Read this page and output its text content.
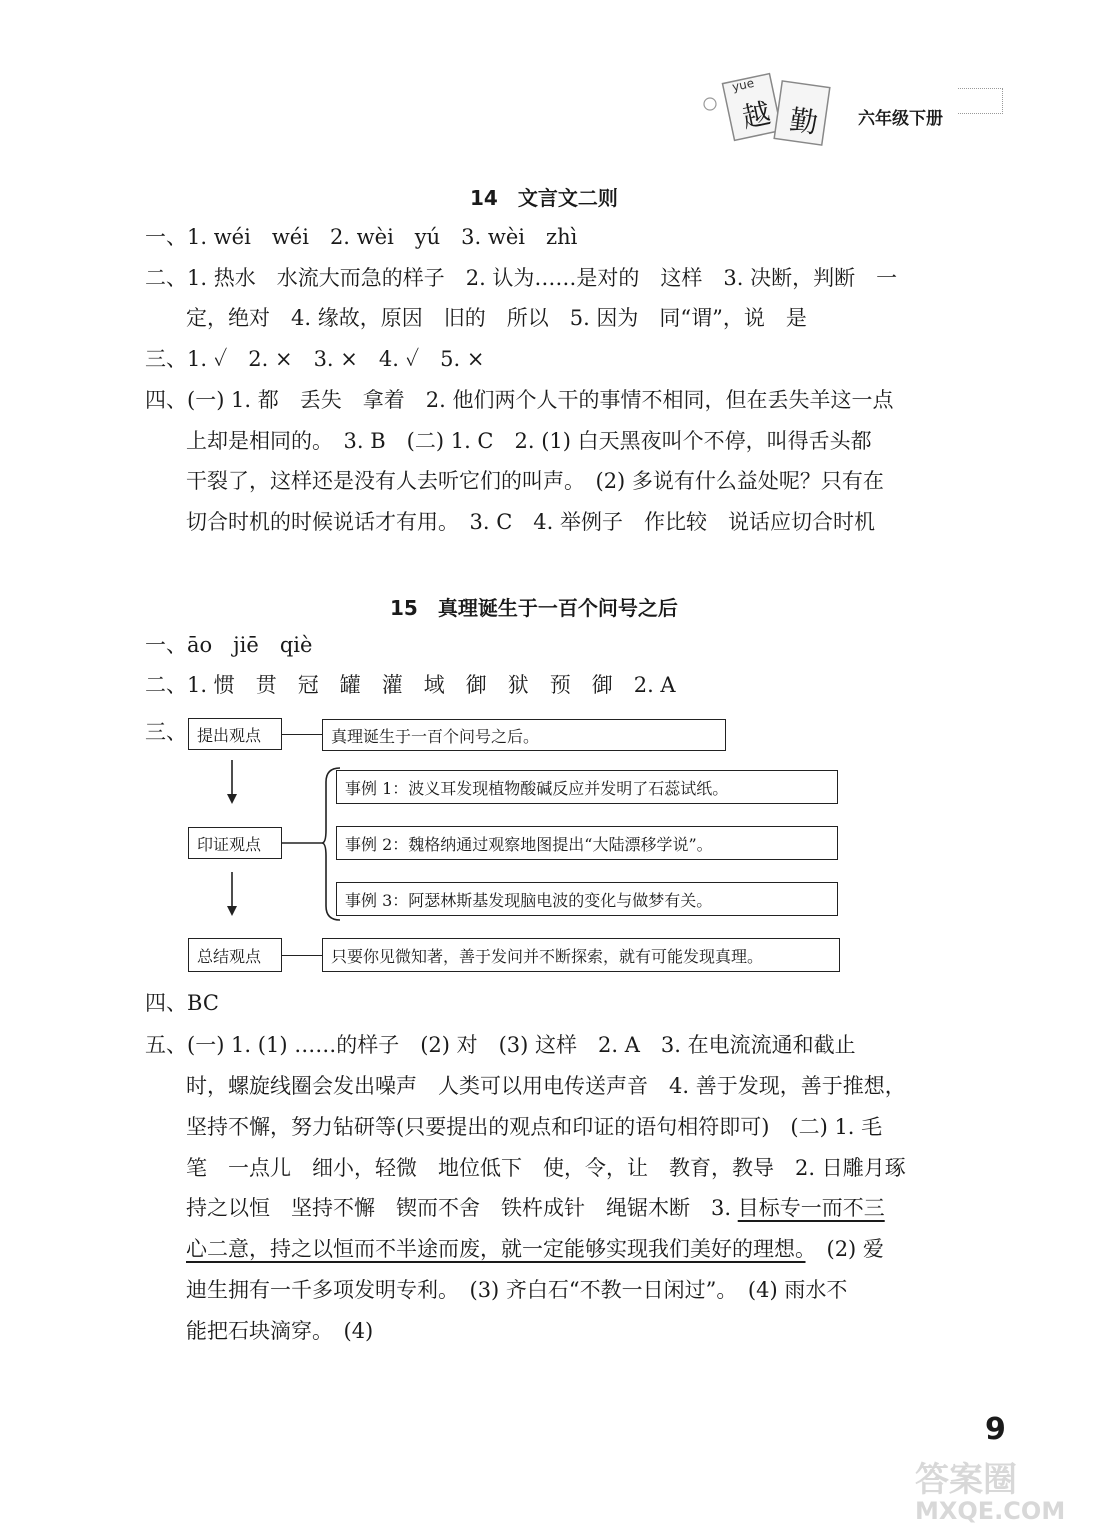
yue
越 勤 六年级下册
14　文言文二则
一、1. wéi　wéi　2. wèi　yú　3. wèi　zhì
二、1. 热水　水流大而急的样子　2. 认为……是对的　这样　3. 决断，判断　一
定，绝对　4. 缘故，原因　旧的　所以　5. 因为　同“谓”，说　是
三、1. ✓　2. ×　3. ×　4. ✓　5. ×
四、(一) 1. 都　丢失　拿着　2. 他们两个人干的事情不相同，但在丢失羊这一点
上却是相同的。　3. B　(二) 1. C　2. (1) 白天黑夜叫个不停，叫得舌头都
干裂了，这样还是没有人去听它们的叫声。　(2) 多说有什么益处呢？只有在
切合时机的时候说话才有用。　3. C　4. 举例子　作比较　说话应切合时机
15　真理诞生于一百个问号之后
一、āo　jiē　qiè
二、1. 惯　贯　冠　罐　灌　域　御　狱　预　御　2. A
三、 提出观点	真理诞生于一百个问号之后。
印证观点
事例 1：波义耳发现植物酸碱反应并发明了石蕊试纸。
事例 2：魏格纳通过观察地图提出“大陆漂移学说”。
事例 3：阿瑟林斯基发现脑电波的变化与做梦有关。
总结观点	只要你见微知著，善于发问并不断探索，就有可能发现真理。
四、BC
五、(一) 1. (1) ……的样子　(2) 对　(3) 这样　2. A　3. 在电流流通和截止
时，螺旋线圈会发出噪声　人类可以用电传送声音　4. 善于发现，善于推想，
坚持不懈，努力钻研等(只要提出的观点和印证的语句相符即可)　(二) 1. 毛
笔　一点儿　细小，轻微　地位低下　使，令，让　教育，教导　2. 日雕月琢
持之以恒　坚持不懈　锲而不舍　铁杵成针　绳锯木断　3. 目标专一而不三
心二意，持之以恒而不半途而废，就一定能够实现我们美好的理想。　(2) 爱
迪生拥有一千多项发明专利。　(3) 齐白石“不教一日闲过”。　(4) 雨水不
能把石块滴穿。　(4)
9
答案圈
MXQE.COM
